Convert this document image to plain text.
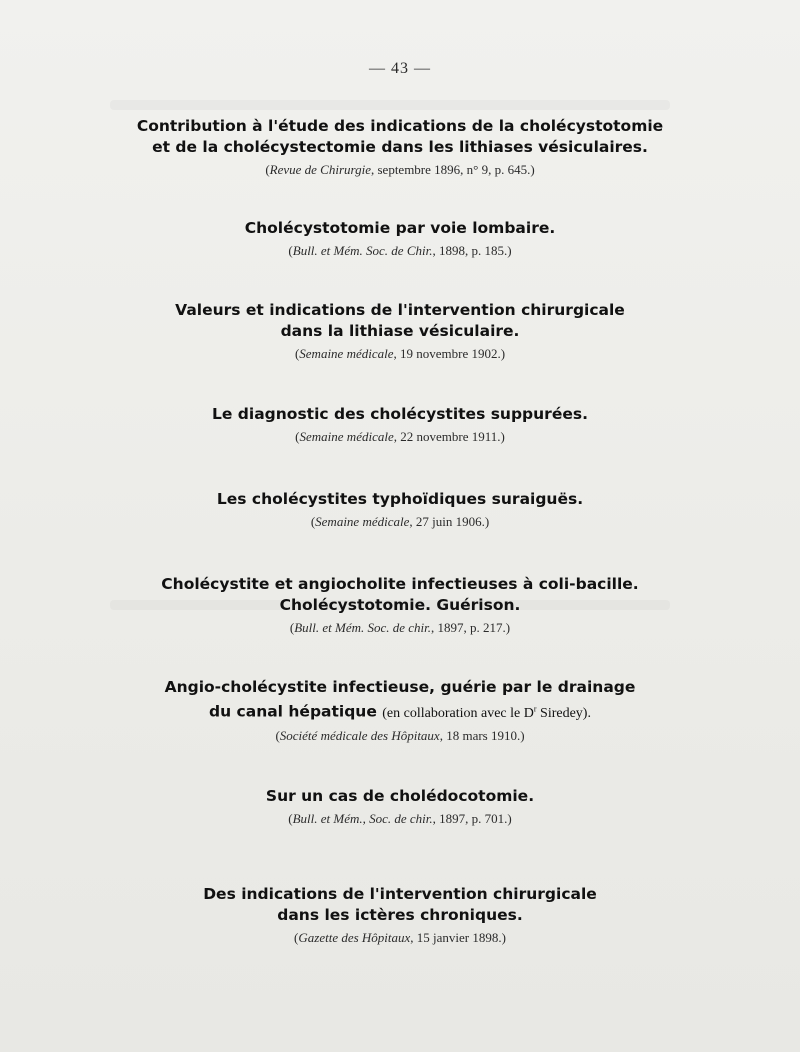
— 43 —
Contribution à l'étude des indications de la cholécystotomie
et de la cholécystectomie dans les lithiases vésiculaires.
(Revue de Chirurgie, septembre 1896, n° 9, p. 645.)
Cholécystotomie par voie lombaire.
(Bull. et Mém. Soc. de Chir., 1898, p. 185.)
Valeurs et indications de l'intervention chirurgicale
dans la lithiase vésiculaire.
(Semaine médicale, 19 novembre 1902.)
Le diagnostic des cholécystites suppurées.
(Semaine médicale, 22 novembre 1911.)
Les cholécystites typhoïdiques suraiguës.
(Semaine médicale, 27 juin 1906.)
Cholécystite et angiocholite infectieuses à coli-bacille.
Cholécystotomie. Guérison.
(Bull. et Mém. Soc. de chir., 1897, p. 217.)
Angio-cholécystite infectieuse, guérie par le drainage
du canal hépatique (en collaboration avec le $D^r$ Siredey).
(Société médicale des Hôpitaux, 18 mars 1910.)
Sur un cas de cholédocotomie.
(Bull. et Mém., Soc. de chir., 1897, p. 701.)
Des indications de l'intervention chirurgicale
dans les ictères chroniques.
(Gazette des Hôpitaux, 15 janvier 1898.)
